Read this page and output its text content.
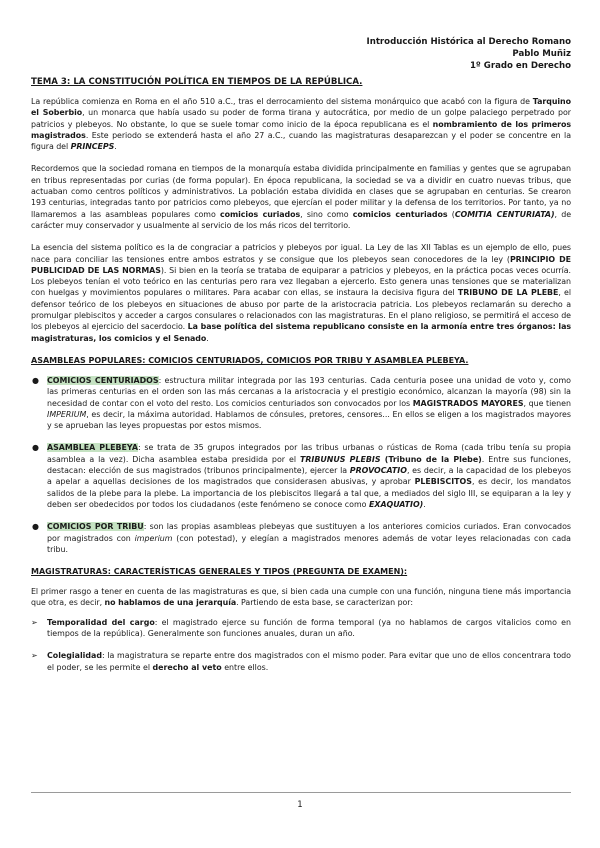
Introducción Histórica al Derecho Romano
Pablo Muñiz
1º Grado en Derecho
TEMA 3: LA CONSTITUCIÓN POLÍTICA EN TIEMPOS DE LA REPÚBLICA.

La república comienza en Roma en el año 510 a.C., tras el derrocamiento del sistema monárquico que acabó con la figura de Tarquino el Soberbio, un monarca que había usado su poder de forma tirana y autocrática, por medio de un golpe palaciego perpetrado por patricios y plebeyos. No obstante, lo que se suele tomar como inicio de la época republicana es el nombramiento de los primeros magistrados. Este periodo se extenderá hasta el año 27 a.C., cuando las magistraturas desaparezcan y el poder se concentre en la figura del PRINCEPS.

Recordemos que la sociedad romana en tiempos de la monarquía estaba dividida principalmente en familias y gentes que se agrupaban en tribus representadas por curias (de forma popular). En época republicana, la sociedad se va a dividir en cuatro nuevas tribus, que actuaban como centros políticos y administrativos. La población estaba dividida en clases que se agrupaban en centurias. Se crearon 193 centurias, integradas tanto por patricios como plebeyos, que ejercían el poder militar y la defensa de los territorios. Por tanto, ya no llamaremos a las asambleas populares como comicios curiados, sino como comicios centuriados (COMITIA CENTURIATA), de carácter muy conservador y usualmente al servicio de los más ricos del territorio.

La esencia del sistema político es la de congraciar a patricios y plebeyos por igual. La Ley de las XII Tablas es un ejemplo de ello, pues nace para conciliar las tensiones entre ambos estratos y se consigue que los plebeyos sean conocedores de la ley (PRINCIPIO DE PUBLICIDAD DE LAS NORMAS). Si bien en la teoría se trataba de equiparar a patricios y plebeyos, en la práctica pocas veces ocurría. Los plebeyos tenían el voto teórico en las centurias pero rara vez llegaban a ejercerlo. Esto genera unas tensiones que se materializan con huelgas y movimientos populares o militares. Para acabar con ellas, se instaura la decisiva figura del TRIBUNO DE LA PLEBE, el defensor teórico de los plebeyos en situaciones de abuso por parte de la aristocracia patricia. Los plebeyos reclamarán su derecho a promulgar plebiscitos y acceder a cargos consulares o relacionados con las magistraturas. En el plano religioso, se permitirá el acceso de los plebeyos al ejercicio del sacerdocio. La base política del sistema republicano consiste en la armonía entre tres órganos: las magistraturas, los comicios y el Senado.

ASAMBLEAS POPULARES: COMICIOS CENTURIADOS, COMICIOS POR TRIBU Y ASAMBLEA PLEBEYA.
● COMICIOS CENTURIADOS: estructura militar integrada por las 193 centurias. Cada centuria posee una unidad de voto y, como las primeras centurias en el orden son las más cercanas a la aristocracia y el prestigio económico, alcanzan la mayoría (98) sin la necesidad de contar con el voto del resto. Los comicios centuriados son convocados por los MAGISTRADOS MAYORES, que tienen IMPERIUM, es decir, la máxima autoridad. Hablamos de cónsules, pretores, censores... En ellos se eligen a los magistrados mayores y se aprueban las leyes propuestas por estos mismos.
● ASAMBLEA PLEBEYA: se trata de 35 grupos integrados por las tribus urbanas o rústicas de Roma (cada tribu tenía su propia asamblea a la vez). Dicha asamblea estaba presidida por el TRIBUNUS PLEBIS (Tribuno de la Plebe). Entre sus funciones, destacan: elección de sus magistrados (tribunos principalmente), ejercer la PROVOCATIO, es decir, a la capacidad de los plebeyos a apelar a aquellas decisiones de los magistrados que considerasen abusivas, y aprobar PLEBISCITOS, es decir, los mandatos salidos de la plebe para la plebe. La importancia de los plebiscitos llegará a tal que, a mediados del siglo III, se equiparan a la ley y deben ser obedecidos por todos los ciudadanos (este fenómeno se conoce como EXAQUATIO).
● COMICIOS POR TRIBU: son las propias asambleas plebeyas que sustituyen a los anteriores comicios curiados. Eran convocados por magistrados con imperium (con potestad), y elegían a magistrados menores además de votar leyes relacionadas con cada tribu.
MAGISTRATURAS: CARACTERÍSTICAS GENERALES Y TIPOS (PREGUNTA DE EXAMEN):

El primer rasgo a tener en cuenta de las magistraturas es que, si bien cada una cumple con una función, ninguna tiene más importancia que otra, es decir, no hablamos de una jerarquía. Partiendo de esta base, se caracterizan por:

➢ Temporalidad del cargo: el magistrado ejerce su función de forma temporal (ya no hablamos de cargos vitalicios como en tiempos de la república). Generalmente son funciones anuales, duran un año.
➢ Colegialidad: la magistratura se reparte entre dos magistrados con el mismo poder. Para evitar que uno de ellos concentrara todo el poder, se les permite el derecho al veto entre ellos.
1
